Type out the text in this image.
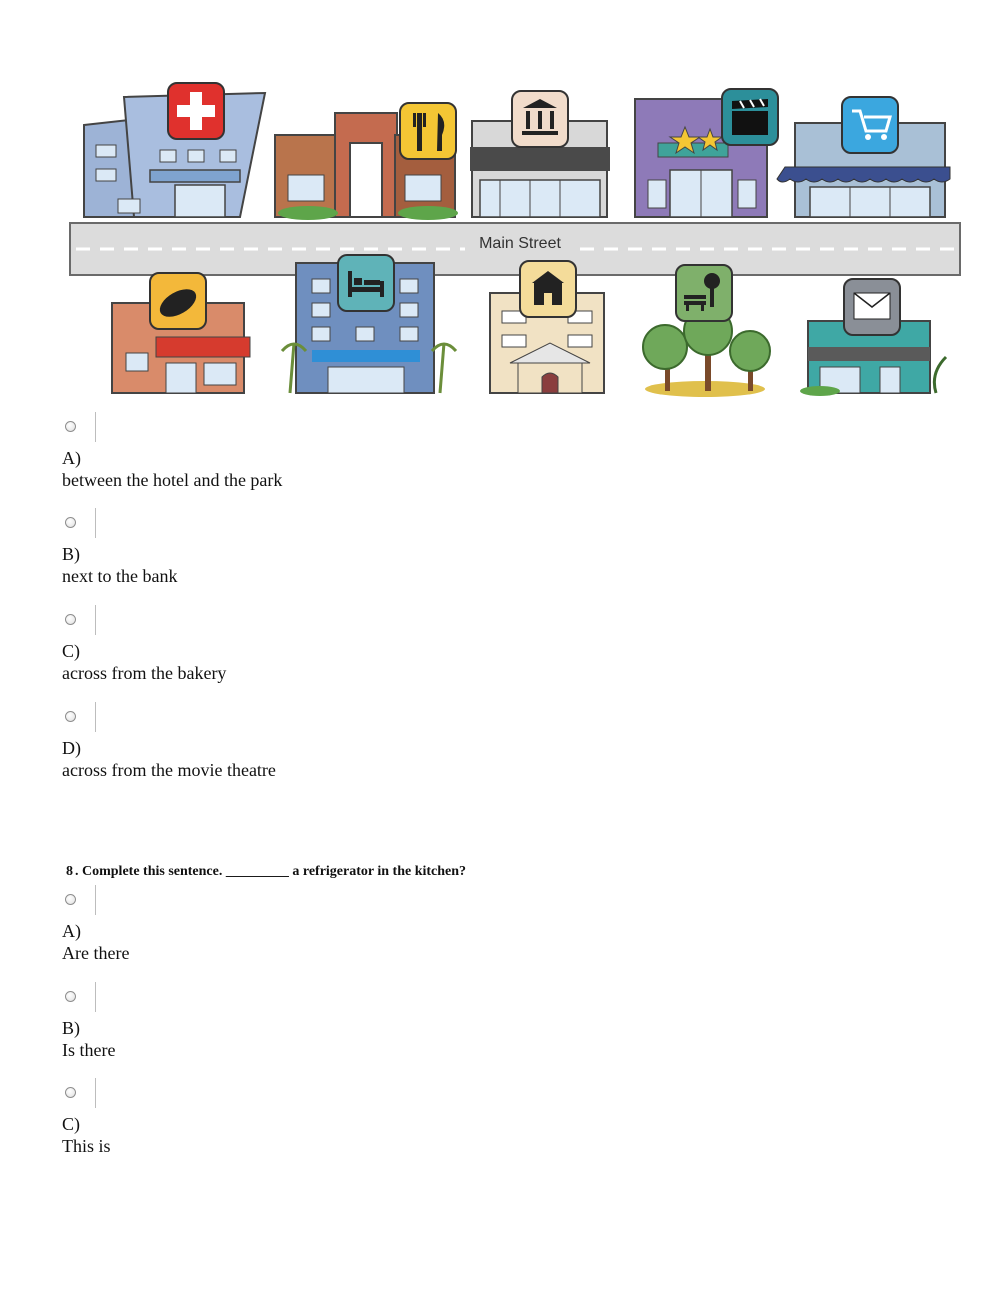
Main Street
A)
between the hotel and the park
B)
next to the bank
C)
across from the bakery
D)
across from the movie theatre
8 . Complete this sentence. _________ a refrigerator in the kitchen?
A)
Are there
B)
Is there
C)
This is
